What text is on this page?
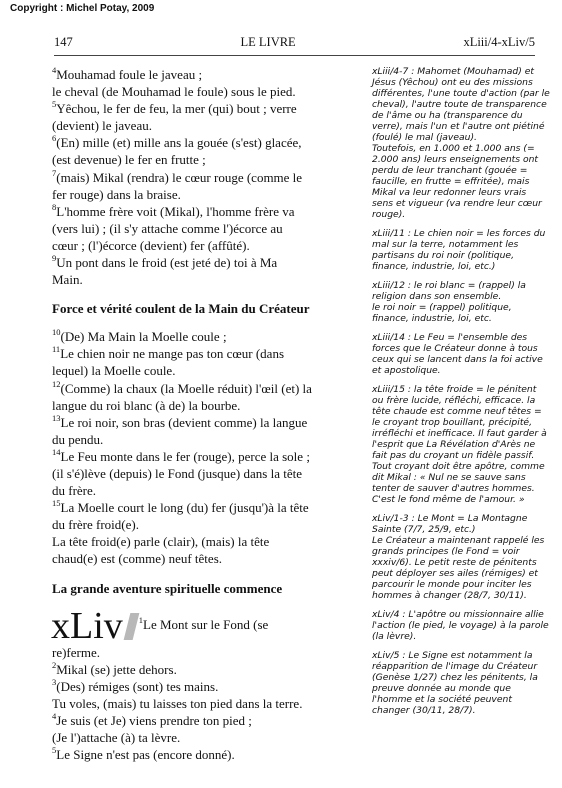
Copyright : Michel Potay, 2009
147	LE LIVRE	xLiii/4-xLiv/5

$^4$Mouhamad foule le javeau ;

le cheval (de Mouhamad le foule) sous le pied.

$^5$Yêchou, le fer de feu, la mer (qui) bout ; verre

(devient) le javeau.

$^6$(En) mille (et) mille ans la gouée (s'est) glacée,

(est devenue) le fer en frutte ;

$^7$(mais) Mikal (rendra) le cœur rouge (comme le

fer rouge) dans la braise.

$^8$L'homme frère voit (Mikal), l'homme frère va

(vers lui) ; (il s'y attache comme l')écorce au

cœur ; (l')écorce (devient) fer (affûté).

$^9$Un pont dans le froid (est jeté de) toi à Ma

Main.

Force et vérité coulent de la Main du Créateur

$^{10}$(De) Ma Main la Moelle coule ;

$^{11}$Le chien noir ne mange pas ton cœur (dans

lequel) la Moelle coule.

$^{12}$(Comme) la chaux (la Moelle réduit) l'œil (et) la

langue du roi blanc (à de) la bourbe.

$^{13}$Le roi noir, son bras (devient comme) la langue

du pendu.

$^{14}$Le Feu monte dans le fer (rouge), perce la sole ;

(il s'é)lève (depuis) le Fond (jusque) dans la tête

du frère.

$^{15}$La Moelle court le long (du) fer (jusqu')à la tête

du frère froid(e).

La tête froid(e) parle (clair), (mais) la tête

chaud(e) est (comme) neuf têtes.

La grande aventure spirituelle commence
xLiv	$^1$Le Mont sur le Fond (se

re)ferme.

$^2$Mikal (se) jette dehors.

$^3$(Des) rémiges (sont) tes mains.

Tu voles, (mais) tu laisses ton pied dans la terre.

$^4$Je suis (et Je) viens prendre ton pied ;

(Je l')attache (à) ta lèvre.

$^5$Le Signe n'est pas (encore donné).

xLiii/4-7 : Mahomet (Mouhamad) et Jésus (Yêchou) ont eu des missions différentes, l'une toute d'action (par le cheval), l'autre toute de transparence de l'âme ou ha (transparence du verre), mais l'un et l'autre ont piétiné (foulé) le mal (javeau).
Toutefois, en 1.000 et 1.000 ans (= 2.000 ans) leurs enseignements ont perdu de leur tranchant (gouée = faucille, en frutte = effritée), mais Mikal va leur redonner leurs vrais sens et vigueur (va rendre leur cœur rouge).
xLiii/11 : Le chien noir = les forces du mal sur la terre, notamment les partisans du roi noir (politique, finance, industrie, loi, etc.)
xLiii/12 : le roi blanc = (rappel) la religion dans son ensemble.
le roi noir = (rappel) politique, finance, industrie, loi, etc.
xLiii/14 : Le Feu = l'ensemble des forces que le Créateur donne à tous ceux qui se lancent dans la foi active et apostolique.
xLiii/15 : la tête froide = le pénitent ou frère lucide, réfléchi, efficace. la tête chaude est comme neuf têtes = le croyant trop bouillant, précipité, irréfléchi et inefficace. Il faut garder à l'esprit que La Révélation d'Arès ne fait pas du croyant un fidèle passif. Tout croyant doit être apôtre, comme dit Mikal : « Nul ne se sauve sans tenter de sauver d'autres hommes. C'est le fond même de l'amour. »
xLiv/1-3 : Le Mont = La Montagne Sainte (7/7, 25/9, etc.)
Le Créateur a maintenant rappelé les grands principes (le Fond = voir xxxiv/6). Le petit reste de pénitents peut déployer ses ailes (rémiges) et parcourir le monde pour inciter les hommes à changer (28/7, 30/11).
xLiv/4 : L'apôtre ou missionnaire allie l'action (le pied, le voyage) à la parole (la lèvre).
xLiv/5 : Le Signe est notamment la réapparition de l'image du Créateur (Genèse 1/27) chez les pénitents, la preuve donnée au monde que l'homme et la société peuvent changer (30/11, 28/7).
